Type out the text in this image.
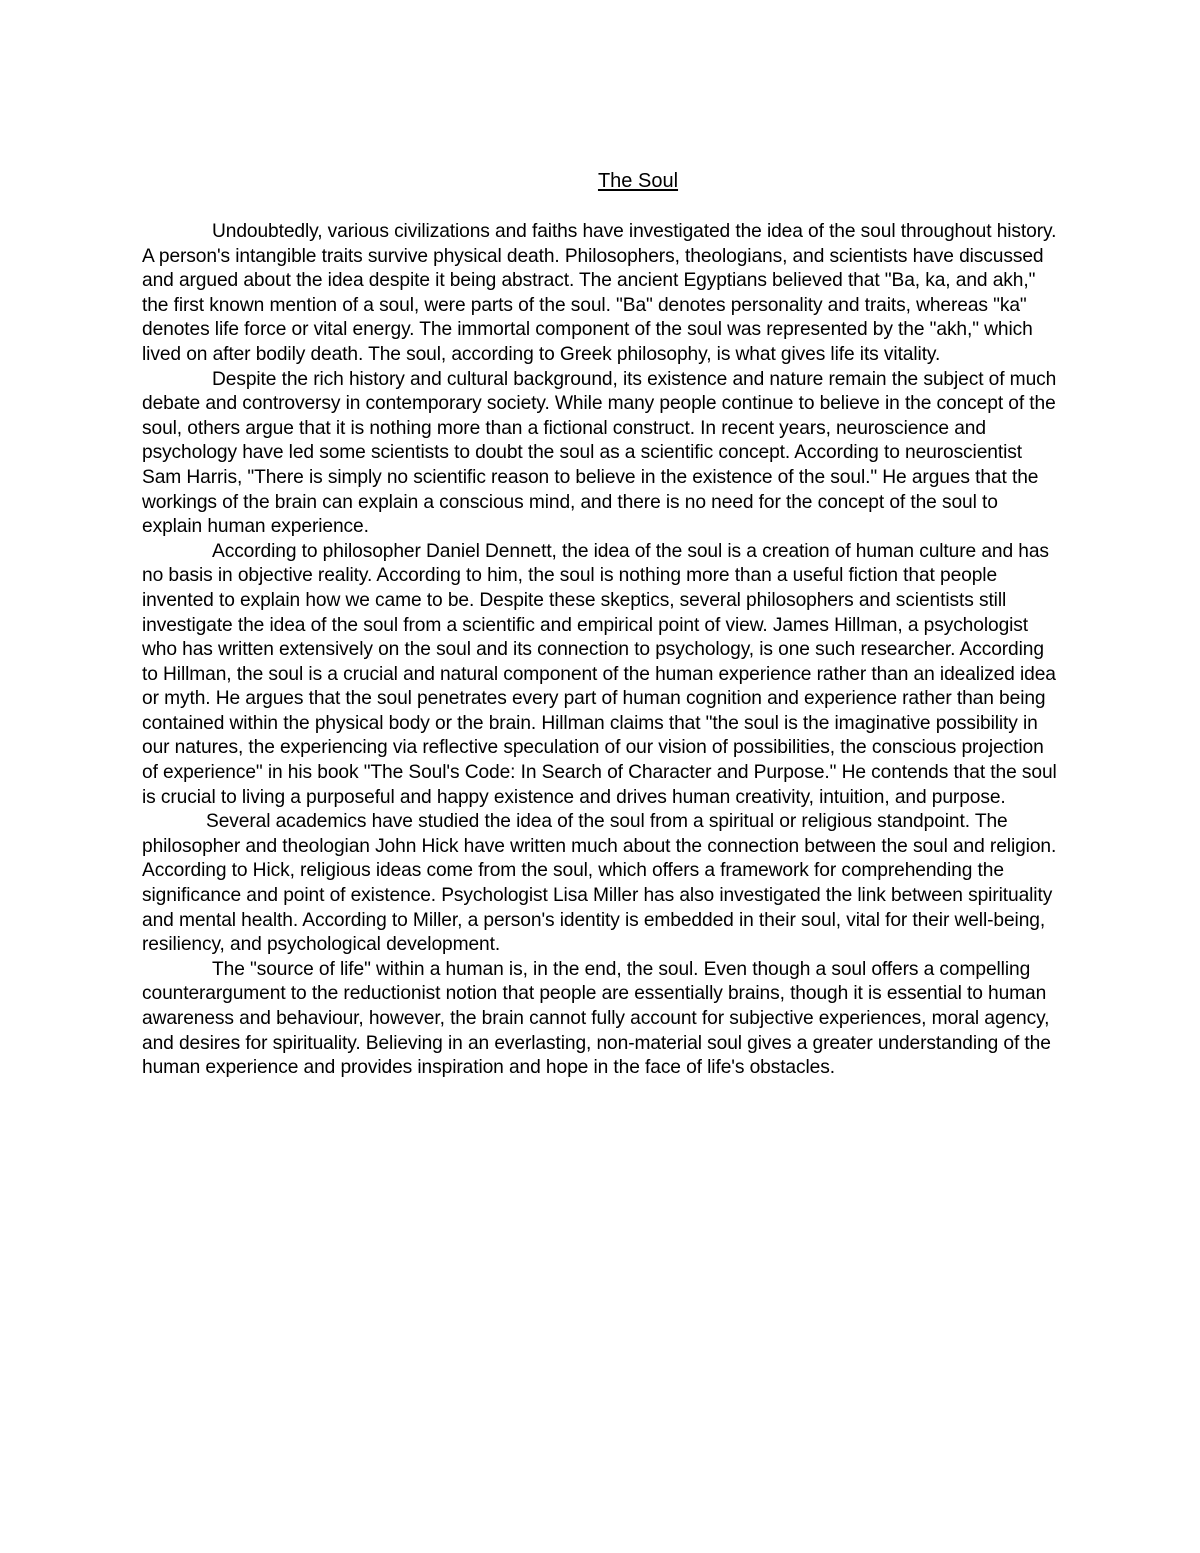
The Soul

Undoubtedly, various civilizations and faiths have investigated the idea of the soul throughout history. A person's intangible traits survive physical death. Philosophers, theologians, and scientists have discussed and argued about the idea despite it being abstract. The ancient Egyptians believed that "Ba, ka, and akh," the first known mention of a soul, were parts of the soul. "Ba" denotes personality and traits, whereas "ka" denotes life force or vital energy. The immortal component of the soul was represented by the "akh," which lived on after bodily death. The soul, according to Greek philosophy, is what gives life its vitality.

Despite the rich history and cultural background, its existence and nature remain the subject of much debate and controversy in contemporary society. While many people continue to believe in the concept of the soul, others argue that it is nothing more than a fictional construct. In recent years, neuroscience and psychology have led some scientists to doubt the soul as a scientific concept. According to neuroscientist Sam Harris, "There is simply no scientific reason to believe in the existence of the soul." He argues that the workings of the brain can explain a conscious mind, and there is no need for the concept of the soul to explain human experience.

According to philosopher Daniel Dennett, the idea of the soul is a creation of human culture and has no basis in objective reality. According to him, the soul is nothing more than a useful fiction that people invented to explain how we came to be. Despite these skeptics, several philosophers and scientists still investigate the idea of the soul from a scientific and empirical point of view. James Hillman, a psychologist who has written extensively on the soul and its connection to psychology, is one such researcher. According to Hillman, the soul is a crucial and natural component of the human experience rather than an idealized idea or myth. He argues that the soul penetrates every part of human cognition and experience rather than being contained within the physical body or the brain. Hillman claims that "the soul is the imaginative possibility in our natures, the experiencing via reflective speculation of our vision of possibilities, the conscious projection of experience" in his book "The Soul's Code: In Search of Character and Purpose." He contends that the soul is crucial to living a purposeful and happy existence and drives human creativity, intuition, and purpose.

Several academics have studied the idea of the soul from a spiritual or religious standpoint. The philosopher and theologian John Hick have written much about the connection between the soul and religion. According to Hick, religious ideas come from the soul, which offers a framework for comprehending the significance and point of existence. Psychologist Lisa Miller has also investigated the link between spirituality and mental health. According to Miller, a person's identity is embedded in their soul, vital for their well-being, resiliency, and psychological development.

The "source of life" within a human is, in the end, the soul. Even though a soul offers a compelling counterargument to the reductionist notion that people are essentially brains, though it is essential to human awareness and behaviour, however, the brain cannot fully account for subjective experiences, moral agency, and desires for spirituality. Believing in an everlasting, non-material soul gives a greater understanding of the human experience and provides inspiration and hope in the face of life's obstacles.
